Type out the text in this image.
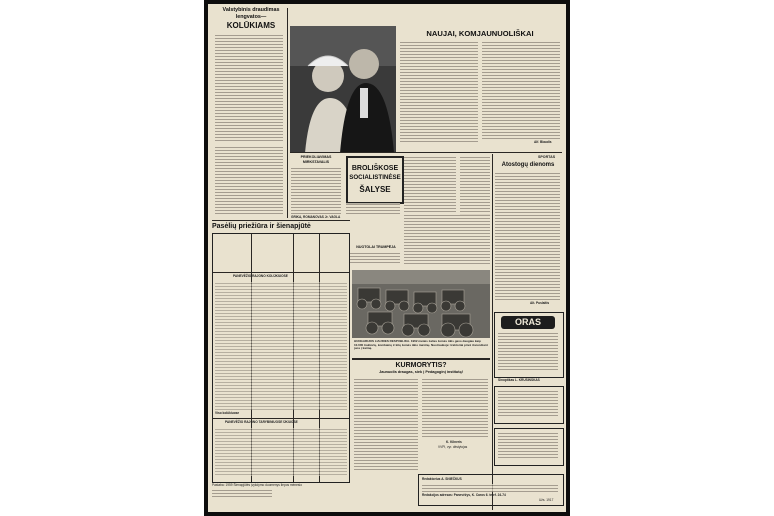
Valstybinis draudimas
lengvatos—
KOLŪKIAMS
NAUJAI, KOMJAUNUOLIŠKAI
Alf. Blaudis
PRIEKOLIAVIMAS
MIRKSTAVALIS
BROLIŠKOSE
SOCIALISTINĖSE
ŠALYSE
NUOTOLAI TRUMPĖJA
GRIKA, ROMANOVAS Jr. VAGLA
SPORTAS
Atostogų dienoms
Alt. Puslaitis
ORAS
Sinoptikas L. KRUSINSKAS
Pasėlių priežiūra ir šienapjūtė
PANEVĖŽIO RAJONO KOLŪKIUOSE
Viso kolūkiuose
PANEVĖŽIO RAJONO TARYBINIUOSE ŪKIUOSE
Pastaba: 1959 Šienapjūtės įvykdymo duomenys liepos mėnesio
HUNGARIJOS LIAUDIES RESPUBLIKA. 1962 metais šalies žemės ūkis gavo daugiau kaip 10.000 traktorių, kombainų ir kitų žemės ūkio mašinų. Nuotraukoje: traktoriai prieš išsiunčiant juos į kaimą.
KURMORYTIS?
Jaunuolis draugas, siek į Pedagoginį institutą!
K. Kilneris
VVPI, vyr. dėstytojas
Redaktorius A. SNIEČKUS
Redakcijos adresas: Panevėžys, K. Caros 6. telef. 24-74
Užs. 1917
